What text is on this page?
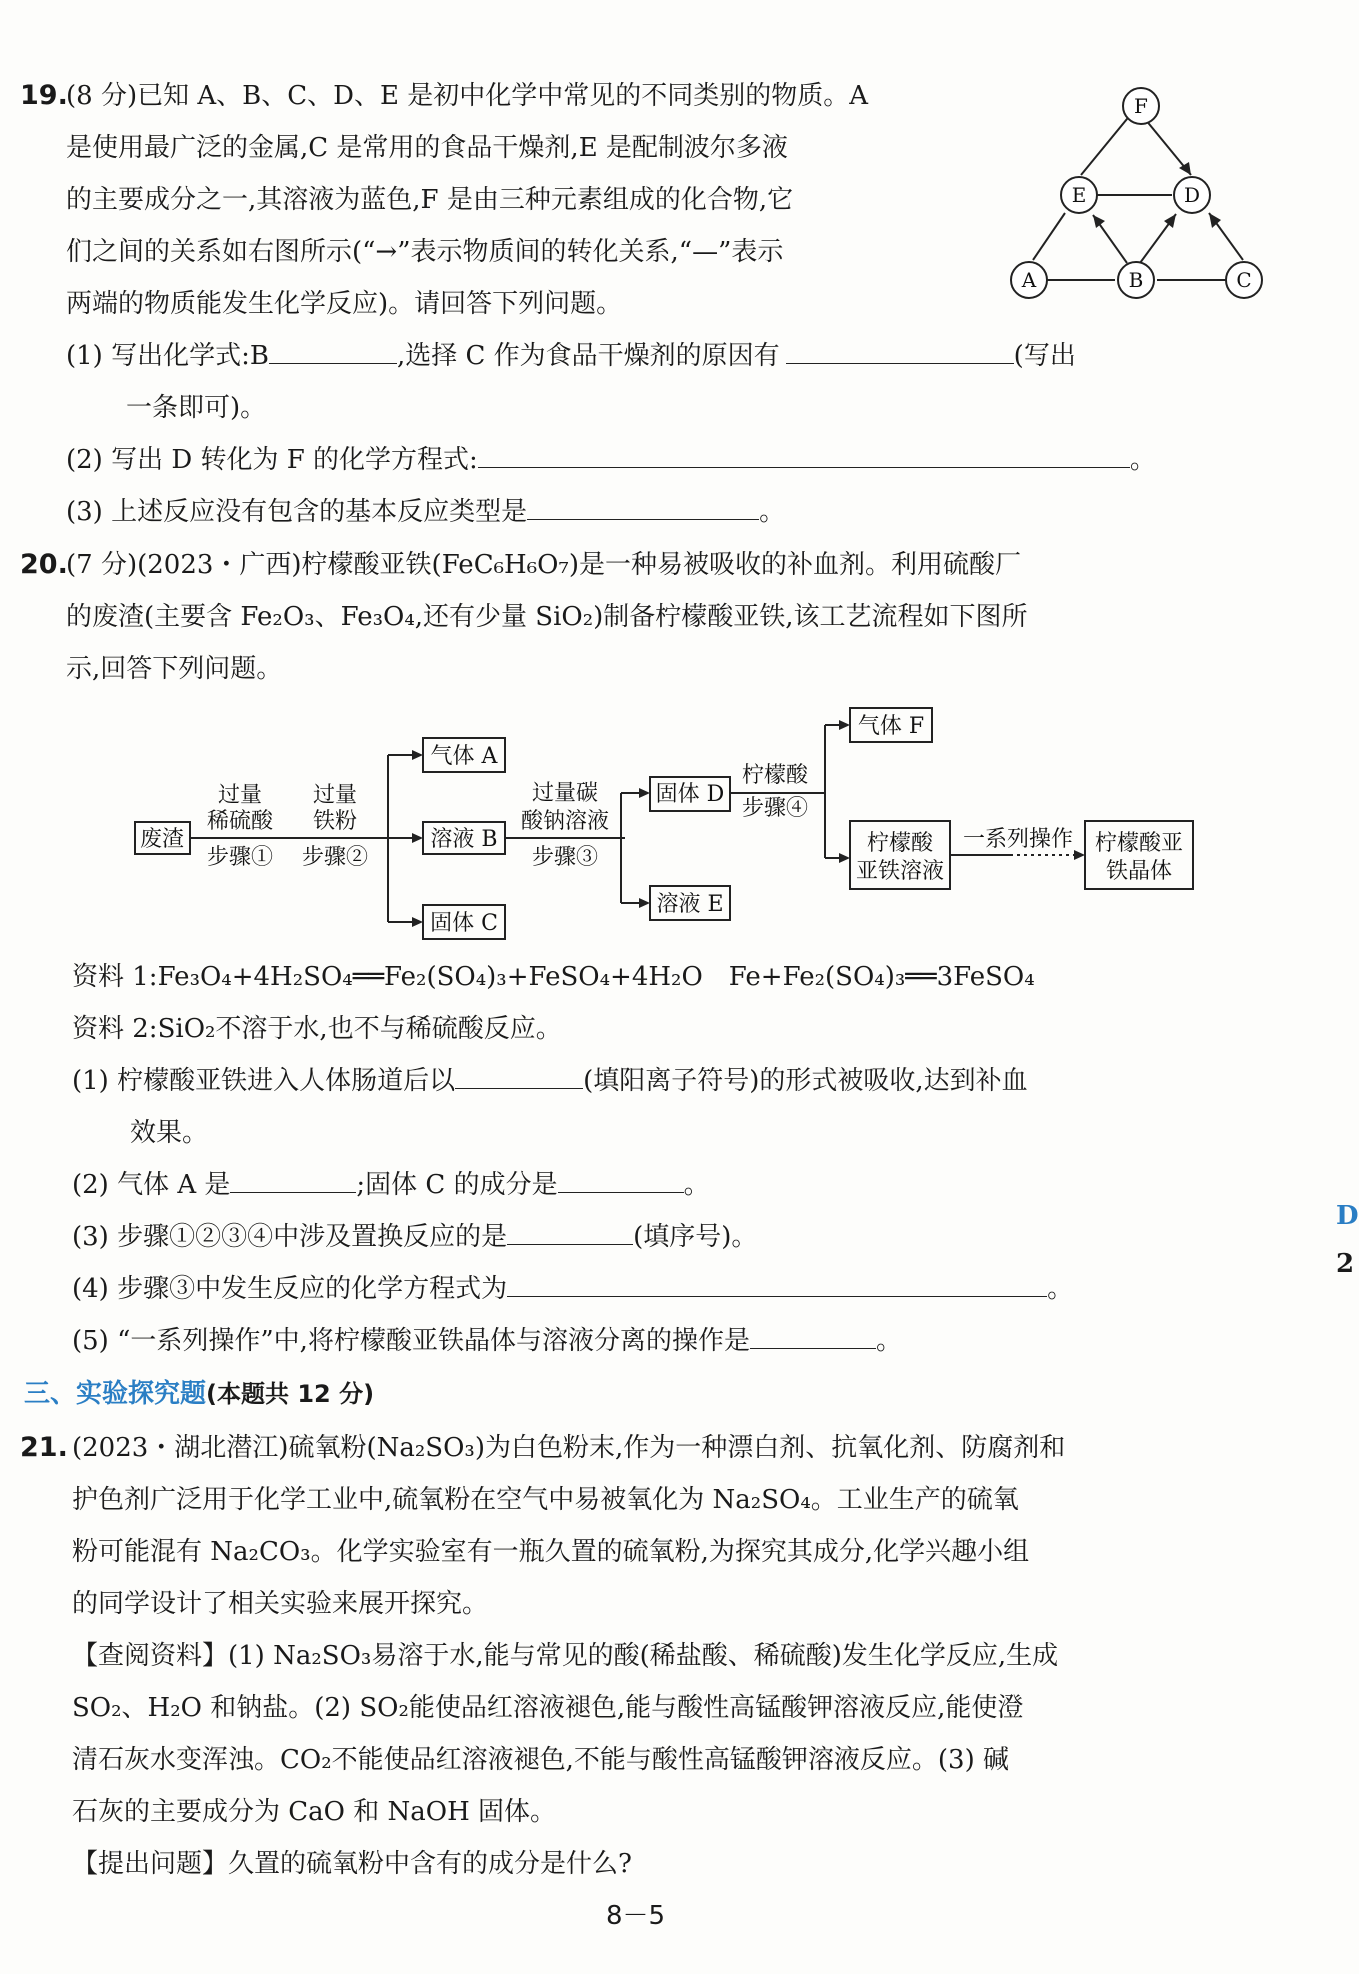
19.
(8 分)已知 A、B、C、D、E 是初中化学中常见的不同类别的物质。A
是使用最广泛的金属,C 是常用的食品干燥剂,E 是配制波尔多液
的主要成分之一,其溶液为蓝色,F 是由三种元素组成的化合物,它
们之间的关系如右图所示(“→”表示物质间的转化关系,“—”表示
两端的物质能发生化学反应)。请回答下列问题。
F
E	D
A	B	C
(1) 写出化学式:B	,选择 C 作为食品干燥剂的原因有	(写出
一条即可)。
(2) 写出 D 转化为 F 的化学方程式:	。
(3) 上述反应没有包含的基本反应类型是	。
20.
(7 分)(2023・广西)柠檬酸亚铁(FeC₆H₆O₇)是一种易被吸收的补血剂。利用硫酸厂
的废渣(主要含 Fe₂O₃、Fe₃O₄,还有少量 SiO₂)制备柠檬酸亚铁,该工艺流程如下图所
示,回答下列问题。
废渣
过量
稀硫酸
步骤①
过量
铁粉
步骤②
气体 A
溶液 B
固体 C
过量碳
酸钠溶液
步骤③
固体 D
溶液 E
柠檬酸
步骤④
气体 F
柠檬酸
亚铁溶液
一系列操作 柠檬酸亚
铁晶体
资料 1:Fe₃O₄+4H₂SO₄══Fe₂(SO₄)₃+FeSO₄+4H₂O　Fe+Fe₂(SO₄)₃══3FeSO₄
资料 2:SiO₂不溶于水,也不与稀硫酸反应。
(1) 柠檬酸亚铁进入人体肠道后以	(填阳离子符号)的形式被吸收,达到补血
效果。
(2) 气体 A 是	;固体 C 的成分是	。
(3) 步骤①②③④中涉及置换反应的是	(填序号)。
(4) 步骤③中发生反应的化学方程式为	。
(5) “一系列操作”中,将柠檬酸亚铁晶体与溶液分离的操作是	。
三、实验探究题(本题共 12 分)
21. (2023・湖北潜江)硫氧粉(Na₂SO₃)为白色粉末,作为一种漂白剂、抗氧化剂、防腐剂和
护色剂广泛用于化学工业中,硫氧粉在空气中易被氧化为 Na₂SO₄。工业生产的硫氧
粉可能混有 Na₂CO₃。化学实验室有一瓶久置的硫氧粉,为探究其成分,化学兴趣小组
的同学设计了相关实验来展开探究。
【查阅资料】(1) Na₂SO₃易溶于水,能与常见的酸(稀盐酸、稀硫酸)发生化学反应,生成
SO₂、H₂O 和钠盐。(2) SO₂能使品红溶液褪色,能与酸性高锰酸钾溶液反应,能使澄
清石灰水变浑浊。CO₂不能使品红溶液褪色,不能与酸性高锰酸钾溶液反应。(3) 碱
石灰的主要成分为 CaO 和 NaOH 固体。
【提出问题】久置的硫氧粉中含有的成分是什么?
D
2
8－5
